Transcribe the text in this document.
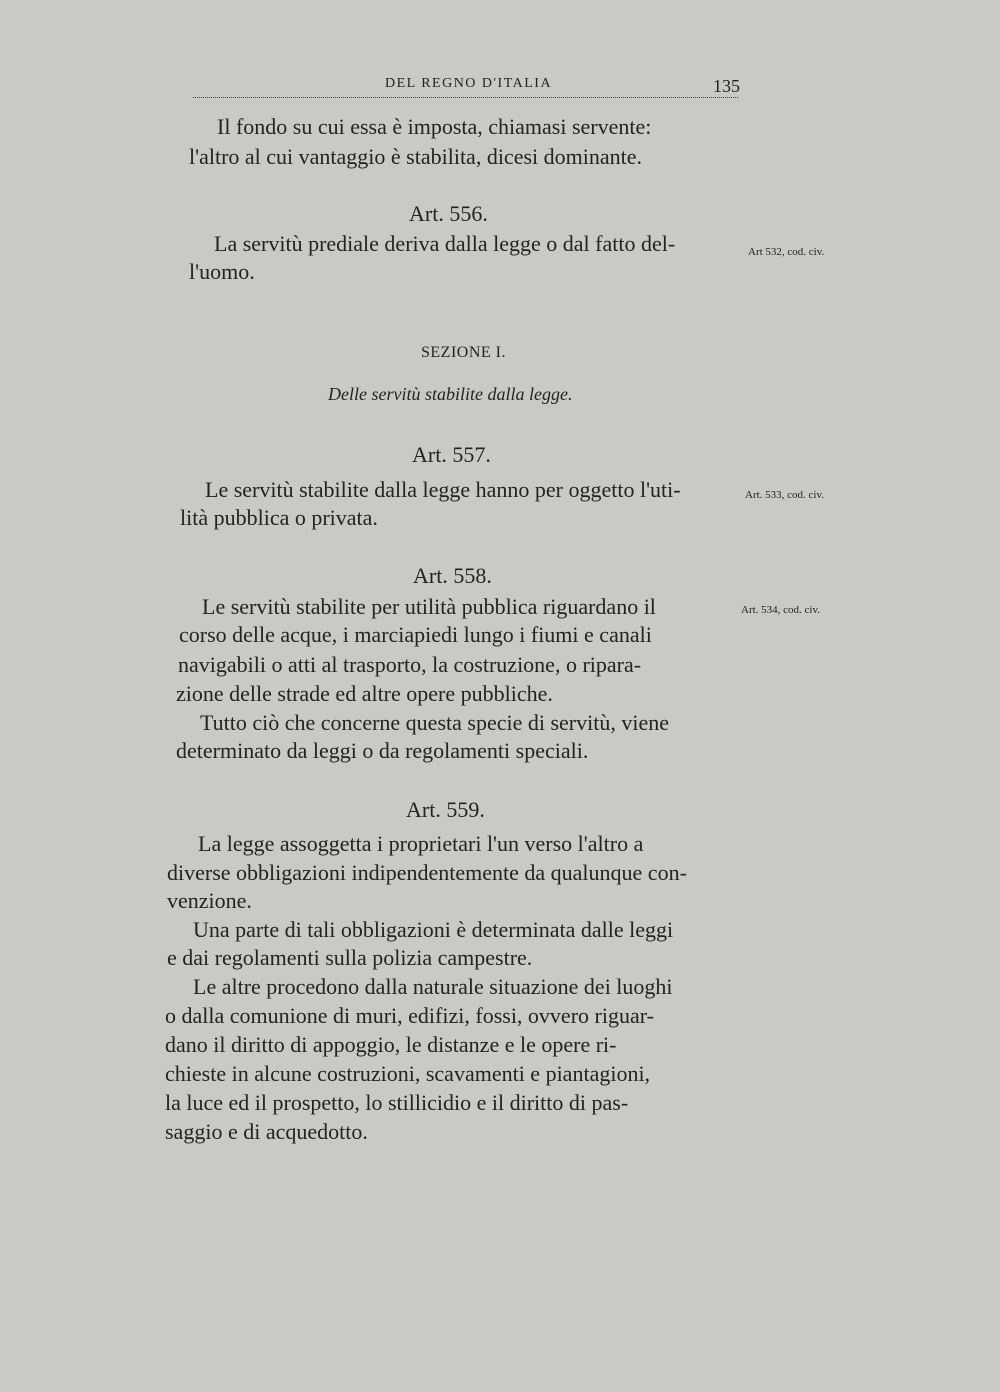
DEL REGNO D'ITALIA	135
Il fondo su cui essa è imposta, chiamasi servente:
l'altro al cui vantaggio è stabilita, dicesi dominante.
Art. 556.
La servitù prediale deriva dalla legge o dal fatto del-
l'uomo.
Art 532, cod. civ.
SEZIONE I.
Delle servitù stabilite dalla legge.
Art. 557.
Le servitù stabilite dalla legge hanno per oggetto l'uti-
lità pubblica o privata.
Art. 533, cod. civ.
Art. 558.
Le servitù stabilite per utilità pubblica riguardano il
corso delle acque, i marciapiedi lungo i fiumi e canali
navigabili o atti al trasporto, la costruzione, o ripara-
zione delle strade ed altre opere pubbliche.
Tutto ciò che concerne questa specie di servitù, viene
determinato da leggi o da regolamenti speciali.
Art. 534, cod. civ.
Art. 559.
La legge assoggetta i proprietari l'un verso l'altro a
diverse obbligazioni indipendentemente da qualunque con-
venzione.
Una parte di tali obbligazioni è determinata dalle leggi
e dai regolamenti sulla polizia campestre.
Le altre procedono dalla naturale situazione dei luoghi
o dalla comunione di muri, edifizi, fossi, ovvero riguar-
dano il diritto di appoggio, le distanze e le opere ri-
chieste in alcune costruzioni, scavamenti e piantagioni,
la luce ed il prospetto, lo stillicidio e il diritto di pas-
saggio e di acquedotto.
